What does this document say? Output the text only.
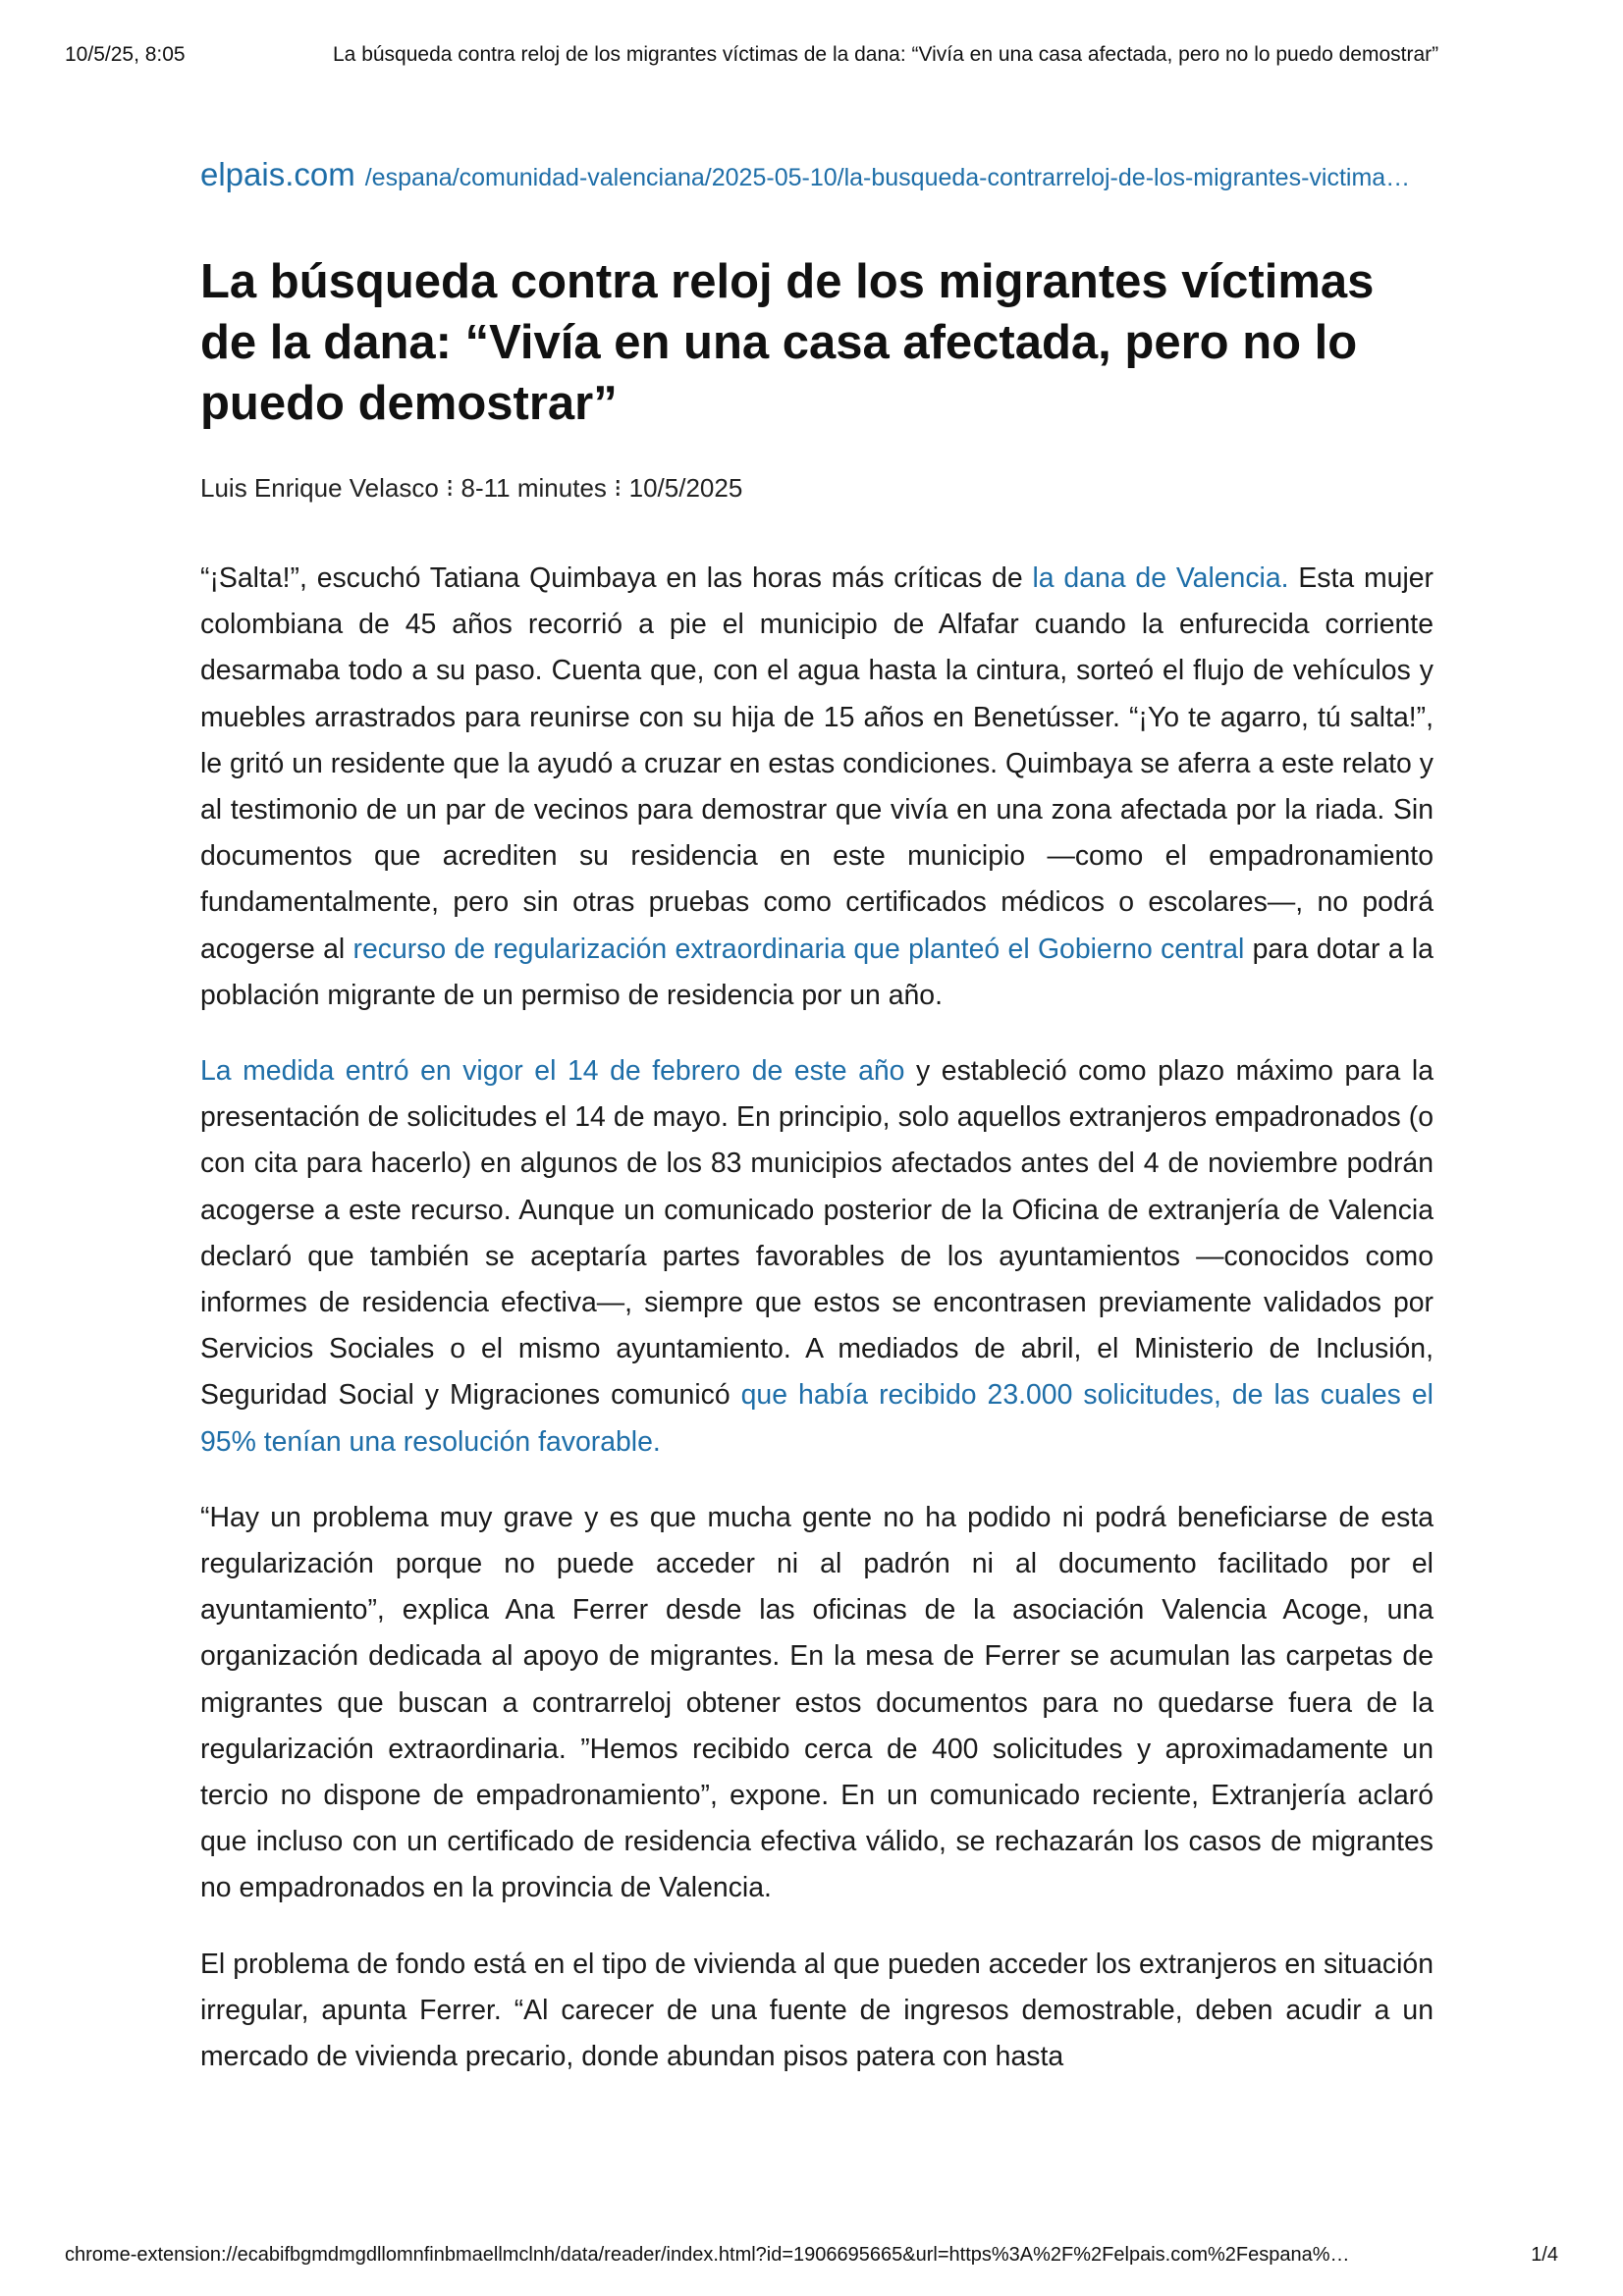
10/5/25, 8:05	La búsqueda contra reloj de los migrantes víctimas de la dana: “Vivía en una casa afectada, pero no lo puedo demostrar”
elpais.com /espana/comunidad-valenciana/2025-05-10/la-busqueda-contrarreloj-de-los-migrantes-victima…
La búsqueda contra reloj de los migrantes víctimas de la dana: “Vivía en una casa afectada, pero no lo puedo demostrar”
Luis Enrique Velasco ⁝ 8-11 minutes ⁝ 10/5/2025

“¡Salta!”, escuchó Tatiana Quimbaya en las horas más críticas de la dana de Valencia. Esta mujer colombiana de 45 años recorrió a pie el municipio de Alfafar cuando la enfurecida corriente desarmaba todo a su paso. Cuenta que, con el agua hasta la cintura, sorteó el flujo de vehículos y muebles arrastrados para reunirse con su hija de 15 años en Benetússer. “¡Yo te agarro, tú salta!”, le gritó un residente que la ayudó a cruzar en estas condiciones. Quimbaya se aferra a este relato y al testimonio de un par de vecinos para demostrar que vivía en una zona afectada por la riada. Sin documentos que acrediten su residencia en este municipio —como el empadronamiento fundamentalmente, pero sin otras pruebas como certificados médicos o escolares—, no podrá acogerse al recurso de regularización extraordinaria que planteó el Gobierno central para dotar a la población migrante de un permiso de residencia por un año.

La medida entró en vigor el 14 de febrero de este año y estableció como plazo máximo para la presentación de solicitudes el 14 de mayo. En principio, solo aquellos extranjeros empadronados (o con cita para hacerlo) en algunos de los 83 municipios afectados antes del 4 de noviembre podrán acogerse a este recurso. Aunque un comunicado posterior de la Oficina de extranjería de Valencia declaró que también se aceptaría partes favorables de los ayuntamientos —conocidos como informes de residencia efectiva—, siempre que estos se encontrasen previamente validados por Servicios Sociales o el mismo ayuntamiento. A mediados de abril, el Ministerio de Inclusión, Seguridad Social y Migraciones comunicó que había recibido 23.000 solicitudes, de las cuales el 95% tenían una resolución favorable.

“Hay un problema muy grave y es que mucha gente no ha podido ni podrá beneficiarse de esta regularización porque no puede acceder ni al padrón ni al documento facilitado por el ayuntamiento”, explica Ana Ferrer desde las oficinas de la asociación Valencia Acoge, una organización dedicada al apoyo de migrantes. En la mesa de Ferrer se acumulan las carpetas de migrantes que buscan a contrarreloj obtener estos documentos para no quedarse fuera de la regularización extraordinaria. ”Hemos recibido cerca de 400 solicitudes y aproximadamente un tercio no dispone de empadronamiento”, expone. En un comunicado reciente, Extranjería aclaró que incluso con un certificado de residencia efectiva válido, se rechazarán los casos de migrantes no empadronados en la provincia de Valencia.

El problema de fondo está en el tipo de vivienda al que pueden acceder los extranjeros en situación irregular, apunta Ferrer. “Al carecer de una fuente de ingresos demostrable, deben acudir a un mercado de vivienda precario, donde abundan pisos patera con hasta

chrome-extension://ecabifbgmdmgdllomnfinbmaellmclnh/data/reader/index.html?id=1906695665&url=https%3A%2F%2Felpais.com%2Fespana%…	1/4
